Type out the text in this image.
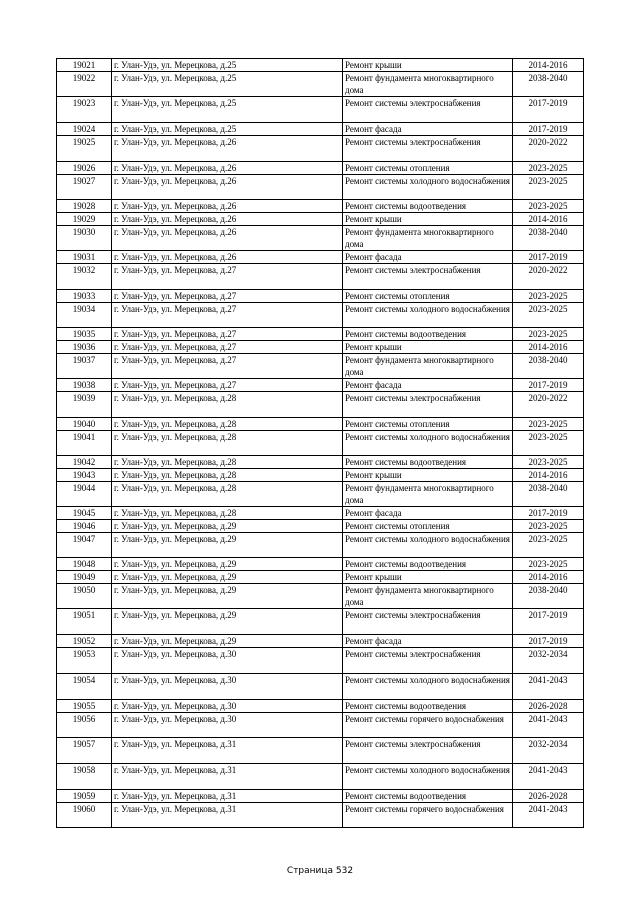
19021	г. Улан-Удэ, ул. Мерецкова, д.25	Ремонт крыши	2014-2016
19022	г. Улан-Удэ, ул. Мерецкова, д.25	Ремонт фундамента многоквартирного дома	2038-2040
19023	г. Улан-Удэ, ул. Мерецкова, д.25	Ремонт системы электроснабжения	2017-2019
19024	г. Улан-Удэ, ул. Мерецкова, д.25	Ремонт фасада	2017-2019
19025	г. Улан-Удэ, ул. Мерецкова, д.26	Ремонт системы электроснабжения	2020-2022
19026	г. Улан-Удэ, ул. Мерецкова, д.26	Ремонт системы отопления	2023-2025
19027	г. Улан-Удэ, ул. Мерецкова, д.26	Ремонт системы холодного водоснабжения	2023-2025
19028	г. Улан-Удэ, ул. Мерецкова, д.26	Ремонт системы водоотведения	2023-2025
19029	г. Улан-Удэ, ул. Мерецкова, д.26	Ремонт крыши	2014-2016
19030	г. Улан-Удэ, ул. Мерецкова, д.26	Ремонт фундамента многоквартирного дома	2038-2040
19031	г. Улан-Удэ, ул. Мерецкова, д.26	Ремонт фасада	2017-2019
19032	г. Улан-Удэ, ул. Мерецкова, д.27	Ремонт системы электроснабжения	2020-2022
19033	г. Улан-Удэ, ул. Мерецкова, д.27	Ремонт системы отопления	2023-2025
19034	г. Улан-Удэ, ул. Мерецкова, д.27	Ремонт системы холодного водоснабжения	2023-2025
19035	г. Улан-Удэ, ул. Мерецкова, д.27	Ремонт системы водоотведения	2023-2025
19036	г. Улан-Удэ, ул. Мерецкова, д.27	Ремонт крыши	2014-2016
19037	г. Улан-Удэ, ул. Мерецкова, д.27	Ремонт фундамента многоквартирного дома	2038-2040
19038	г. Улан-Удэ, ул. Мерецкова, д.27	Ремонт фасада	2017-2019
19039	г. Улан-Удэ, ул. Мерецкова, д.28	Ремонт системы электроснабжения	2020-2022
19040	г. Улан-Удэ, ул. Мерецкова, д.28	Ремонт системы отопления	2023-2025
19041	г. Улан-Удэ, ул. Мерецкова, д.28	Ремонт системы холодного водоснабжения	2023-2025
19042	г. Улан-Удэ, ул. Мерецкова, д.28	Ремонт системы водоотведения	2023-2025
19043	г. Улан-Удэ, ул. Мерецкова, д.28	Ремонт крыши	2014-2016
19044	г. Улан-Удэ, ул. Мерецкова, д.28	Ремонт фундамента многоквартирного дома	2038-2040
19045	г. Улан-Удэ, ул. Мерецкова, д.28	Ремонт фасада	2017-2019
19046	г. Улан-Удэ, ул. Мерецкова, д.29	Ремонт системы отопления	2023-2025
19047	г. Улан-Удэ, ул. Мерецкова, д.29	Ремонт системы холодного водоснабжения	2023-2025
19048	г. Улан-Удэ, ул. Мерецкова, д.29	Ремонт системы водоотведения	2023-2025
19049	г. Улан-Удэ, ул. Мерецкова, д.29	Ремонт крыши	2014-2016
19050	г. Улан-Удэ, ул. Мерецкова, д.29	Ремонт фундамента многоквартирного дома	2038-2040
19051	г. Улан-Удэ, ул. Мерецкова, д.29	Ремонт системы электроснабжения	2017-2019
19052	г. Улан-Удэ, ул. Мерецкова, д.29	Ремонт фасада	2017-2019
19053	г. Улан-Удэ, ул. Мерецкова, д.30	Ремонт системы электроснабжения	2032-2034
19054	г. Улан-Удэ, ул. Мерецкова, д.30	Ремонт системы холодного водоснабжения	2041-2043
19055	г. Улан-Удэ, ул. Мерецкова, д.30	Ремонт системы водоотведения	2026-2028
19056	г. Улан-Удэ, ул. Мерецкова, д.30	Ремонт системы горячего водоснабжения	2041-2043
19057	г. Улан-Удэ, ул. Мерецкова, д.31	Ремонт системы электроснабжения	2032-2034
19058	г. Улан-Удэ, ул. Мерецкова, д.31	Ремонт системы холодного водоснабжения	2041-2043
19059	г. Улан-Удэ, ул. Мерецкова, д.31	Ремонт системы водоотведения	2026-2028
19060	г. Улан-Удэ, ул. Мерецкова, д.31	Ремонт системы горячего водоснабжения	2041-2043
Страница 532
